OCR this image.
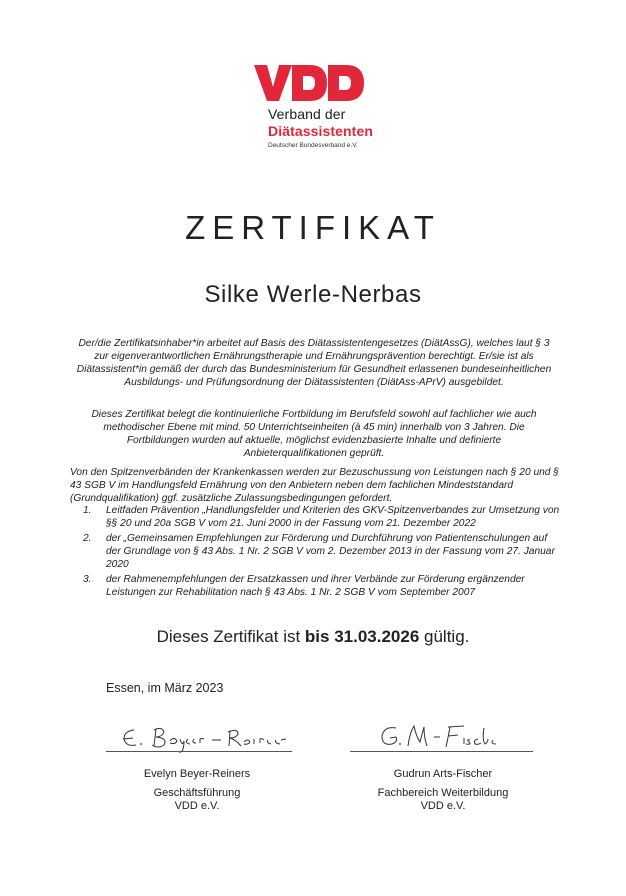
Verband der
Diätassistenten
Deutscher Bundesverband e.V.
ZERTIFIKAT
Silke Werle-Nerbas
Der/die Zertifikatsinhaber*in arbeitet auf Basis des Diätassistentengesetzes (DiätAssG), welches laut § 3 zur eigenverantwortlichen Ernährungstherapie und Ernährungsprävention berechtigt. Er/sie ist als Diätassistent*in gemäß der durch das Bundesministerium für Gesundheit erlassenen bundeseinheitlichen Ausbildungs- und Prüfungsordnung der Diätassistenten (DiätAss-APrV) ausgebildet.
Dieses Zertifikat belegt die kontinuierliche Fortbildung im Berufsfeld sowohl auf fachlicher wie auch methodischer Ebene mit mind. 50 Unterrichtseinheiten (à 45 min) innerhalb von 3 Jahren. Die Fortbildungen wurden auf aktuelle, möglichst evidenzbasierte Inhalte und definierte Anbieterqualifikationen geprüft.
Von den Spitzenverbänden der Krankenkassen werden zur Bezuschussung von Leistungen nach § 20 und § 43 SGB V im Handlungsfeld Ernährung von den Anbietern neben dem fachlichen Mindeststandard (Grundqualifikation) ggf. zusätzliche Zulassungsbedingungen gefordert.
1.	Leitfaden Prävention „Handlungsfelder und Kriterien des GKV-Spitzenverbandes zur Umsetzung von §§ 20 und 20a SGB V vom 21. Juni 2000 in der Fassung vom 21. Dezember 2022
2.	der „Gemeinsamen Empfehlungen zur Förderung und Durchführung von Patientenschulungen auf der Grundlage von § 43 Abs. 1 Nr. 2 SGB V vom 2. Dezember 2013 in der Fassung vom 27. Januar 2020
3.	der Rahmenempfehlungen der Ersatzkassen und ihrer Verbände zur Förderung ergänzender Leistungen zur Rehabilitation nach § 43 Abs. 1 Nr. 2 SGB V vom September 2007
Dieses Zertifikat ist bis 31.03.2026 gültig.
Essen, im März 2023
Evelyn Beyer-Reiners
Geschäftsführung
VDD e.V.
Gudrun Arts-Fischer
Fachbereich Weiterbildung
VDD e.V.
